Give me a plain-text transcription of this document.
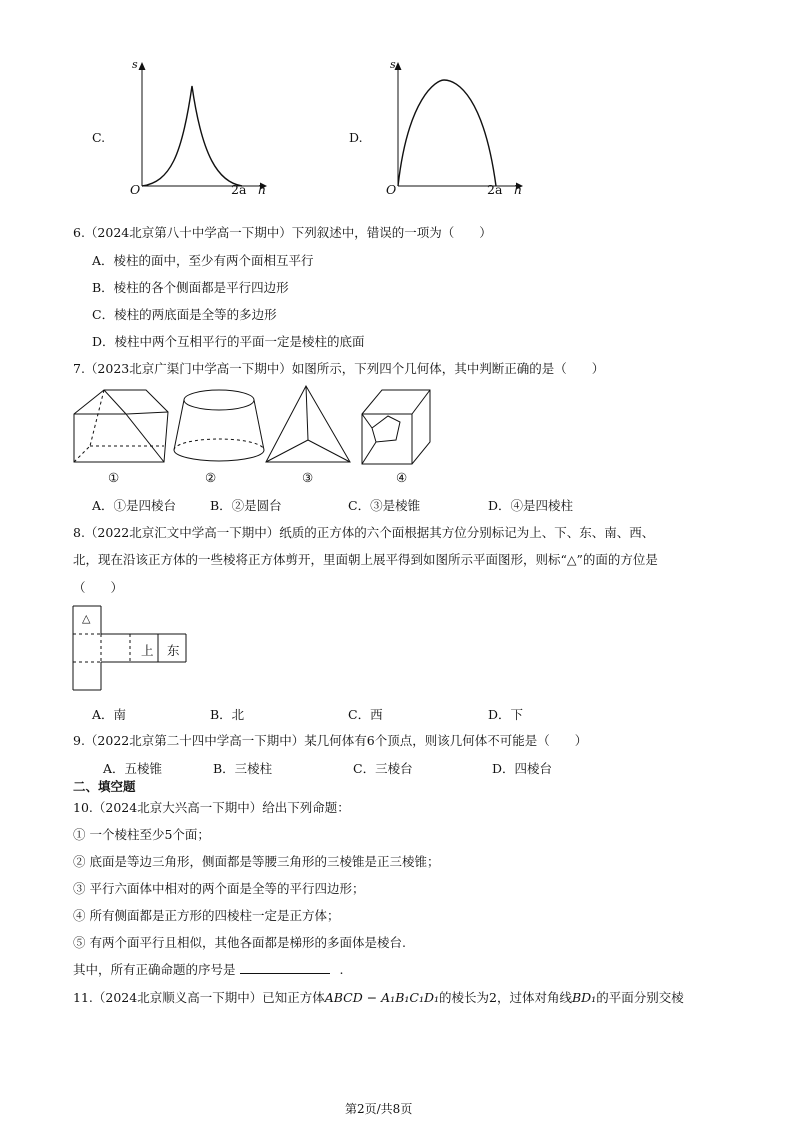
C.
s
h
O	2a
D.
s
h
O	2a
6.（2024北京第八十中学高一下期中）下列叙述中，错误的一项为（　　）
A．棱柱的面中，至少有两个面相互平行
B．棱柱的各个侧面都是平行四边形
C．棱柱的两底面是全等的多边形
D．棱柱中两个互相平行的平面一定是棱柱的底面
7.（2023北京广渠门中学高一下期中）如图所示，下列四个几何体，其中判断正确的是（　　）
①	②	③	④
A．①是四棱台	B．②是圆台	C．③是棱锥	D．④是四棱柱
8.（2022北京汇文中学高一下期中）纸质的正方体的六个面根据其方位分别标记为上、下、东、南、西、
北，现在沿该正方体的一些棱将正方体剪开，里面朝上展平得到如图所示平面图形，则标“△”的面的方位是
（　　）
△
上 东
A．南	B．北	C．西	D．下
9.（2022北京第二十四中学高一下期中）某几何体有6个顶点，则该几何体不可能是（　　）
A．五棱锥	B．三棱柱	C．三棱台	D．四棱台
二、填空题
10.（2024北京大兴高一下期中）给出下列命题：
① 一个棱柱至少5个面；
② 底面是等边三角形，侧面都是等腰三角形的三棱锥是正三棱锥；
③ 平行六面体中相对的两个面是全等的平行四边形；
④ 所有侧面都是正方形的四棱柱一定是正方体；
⑤ 有两个面平行且相似，其他各面都是梯形的多面体是棱台.
其中，所有正确命题的序号是	.
11.（2024北京顺义高一下期中）已知正方体ABCD − A₁B₁C₁D₁的棱长为2，过体对角线BD₁的平面分别交棱
第2页/共8页
